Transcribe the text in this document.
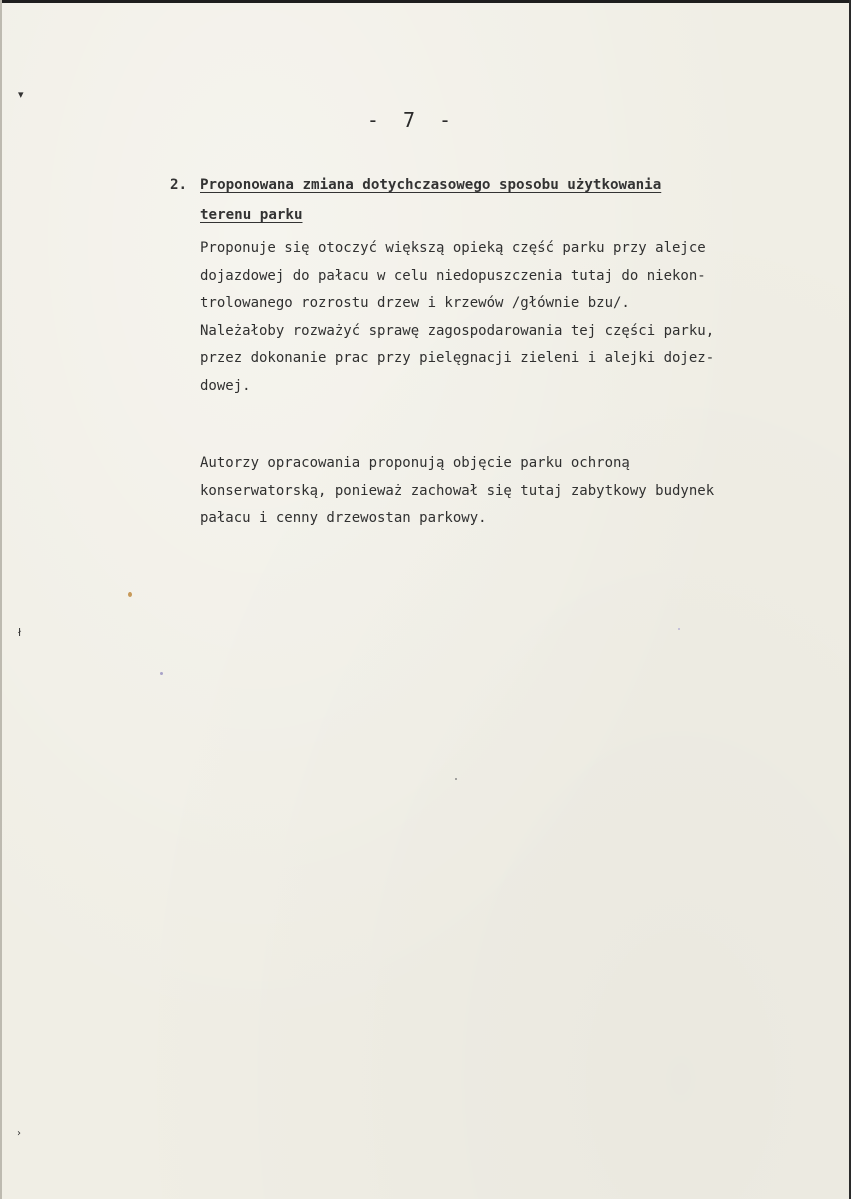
▾
ł
›
- 7 -
2. Proponowana zmiana dotychczasowego sposobu użytkowania
terenu parku
Proponuje się otoczyć większą opieką część parku przy alejce
dojazdowej do pałacu w celu niedopuszczenia tutaj do niekon-
trolowanego rozrostu drzew i krzewów /głównie bzu/.
Należałoby rozważyć sprawę zagospodarowania tej części parku,
przez dokonanie prac przy pielęgnacji zieleni i alejki dojez-
dowej.
Autorzy opracowania proponują objęcie parku ochroną
konserwatorską, ponieważ zachował się tutaj zabytkowy budynek
pałacu i cenny drzewostan parkowy.
